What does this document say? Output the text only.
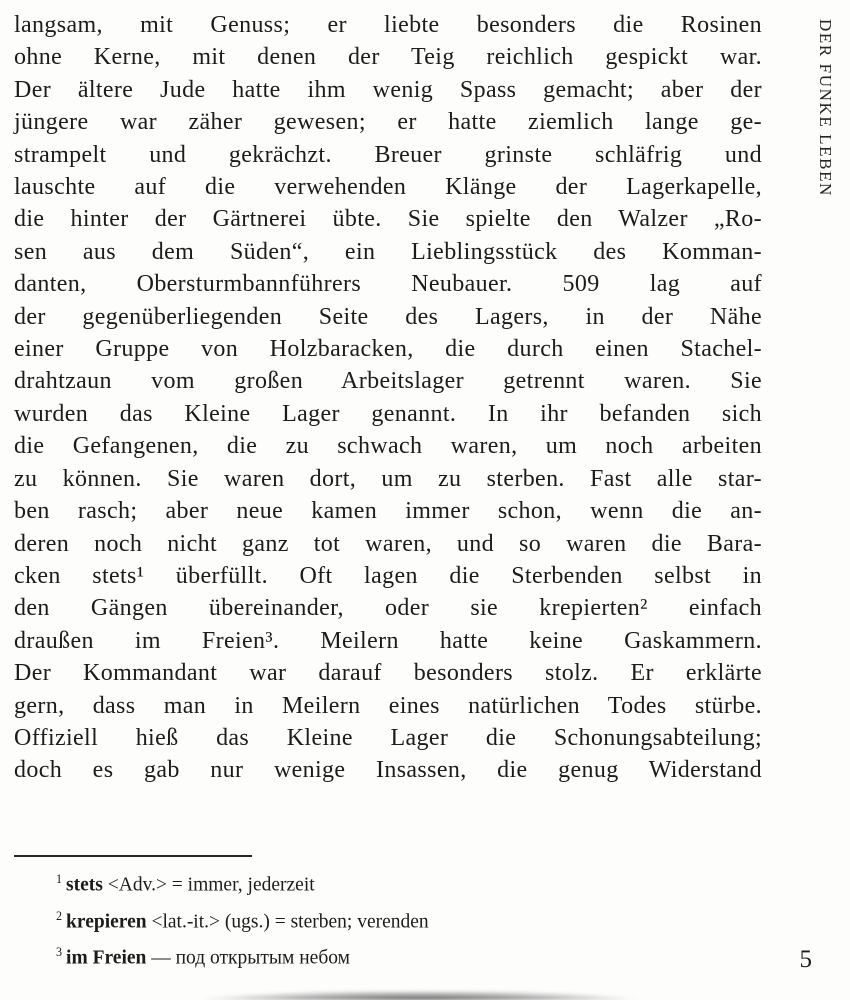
DER FUNKE LEBEN
langsam, mit Genuss; er liebte besonders die Rosinen
ohne Kerne, mit denen der Teig reichlich gespickt war.
Der ältere Jude hatte ihm wenig Spass gemacht; aber der
jüngere war zäher gewesen; er hatte ziemlich lange ge-
strampelt und gekrächzt. Breuer grinste schläfrig und
lauschte auf die verwehenden Klänge der Lagerkapelle,
die hinter der Gärtnerei übte. Sie spielte den Walzer „Ro-
sen aus dem Süden“, ein Lieblingsstück des Komman-
danten, Obersturmbannführers Neubauer. 509 lag auf
der gegenüberliegenden Seite des Lagers, in der Nähe
einer Gruppe von Holzbaracken, die durch einen Stachel-
drahtzaun vom großen Arbeitslager getrennt waren. Sie
wurden das Kleine Lager genannt. In ihr befanden sich
die Gefangenen, die zu schwach waren, um noch arbeiten
zu können. Sie waren dort, um zu sterben. Fast alle star-
ben rasch; aber neue kamen immer schon, wenn die an-
deren noch nicht ganz tot waren, und so waren die Bara-
cken stets¹ überfüllt. Oft lagen die Sterbenden selbst in
den Gängen übereinander, oder sie krepierten² einfach
draußen im Freien³. Meilern hatte keine Gaskammern.
Der Kommandant war darauf besonders stolz. Er erklärte
gern, dass man in Meilern eines natürlichen Todes stürbe.
Offiziell hieß das Kleine Lager die Schonungsabteilung;
doch es gab nur wenige Insassen, die genug Widerstand
$^1$ stets <Adv.> = immer, jederzeit
$^2$ krepieren <lat.-it.> (ugs.) = sterben; verenden
$^3$ im Freien — под открытым небом	5
